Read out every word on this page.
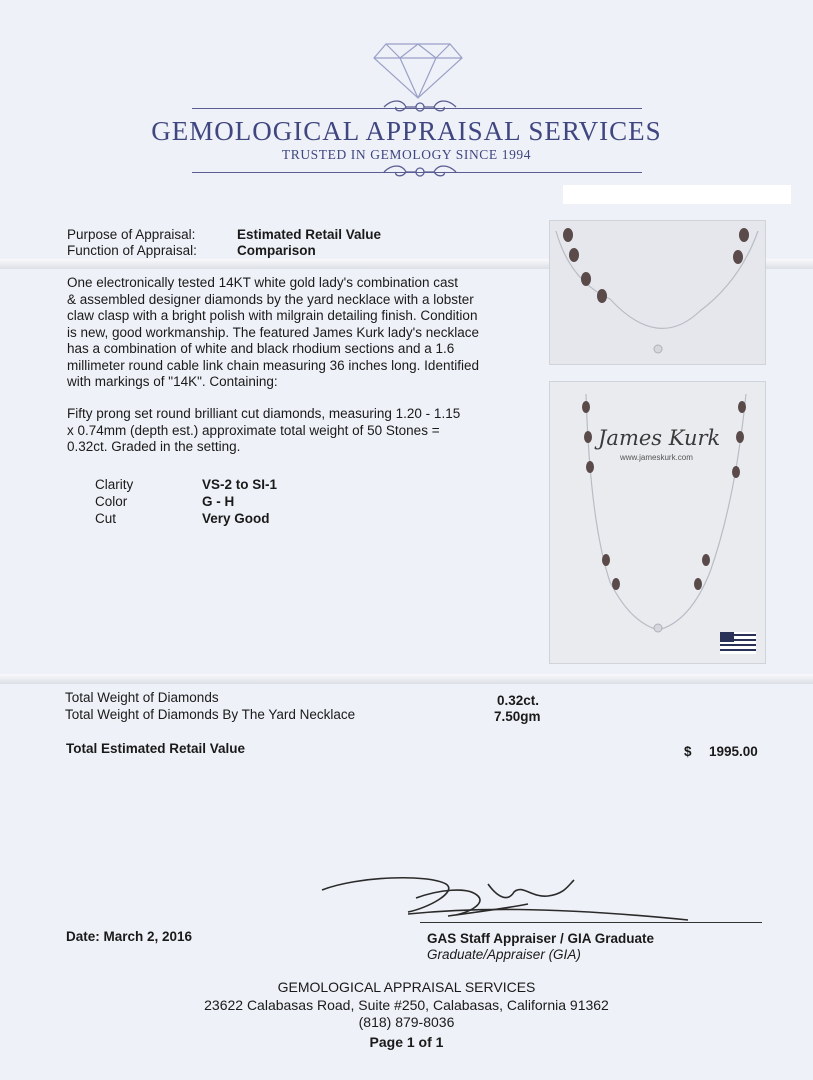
GEMOLOGICAL APPRAISAL SERVICES
TRUSTED IN GEMOLOGY SINCE 1994
Purpose of Appraisal:	Estimated Retail Value
Function of Appraisal:	Comparison
One electronically tested 14KT white gold lady's combination cast
& assembled designer diamonds by the yard necklace with a lobster
claw clasp with a bright polish with milgrain detailing finish. Condition
is new, good workmanship. The featured James Kurk lady's necklace
has a combination of white and black rhodium sections and a 1.6
millimeter round cable link chain measuring 36 inches long. Identified
with markings of "14K". Containing:
Fifty prong set round brilliant cut diamonds, measuring 1.20 - 1.15
x 0.74mm (depth est.) approximate total weight of 50 Stones =
0.32ct. Graded in the setting.
Clarity	VS-2 to SI-1
Color	G - H
Cut	Very Good
James Kurk
www.jameskurk.com
Total Weight of Diamonds	0.32ct.
Total Weight of Diamonds By The Yard Necklace	7.50gm
Total Estimated Retail Value	$ 1995.00
Date: March 2, 2016	GAS Staff Appraiser / GIA Graduate
Graduate/Appraiser (GIA)
GEMOLOGICAL APPRAISAL SERVICES
23622 Calabasas Road, Suite #250, Calabasas, California 91362
(818) 879-8036
Page 1 of 1
